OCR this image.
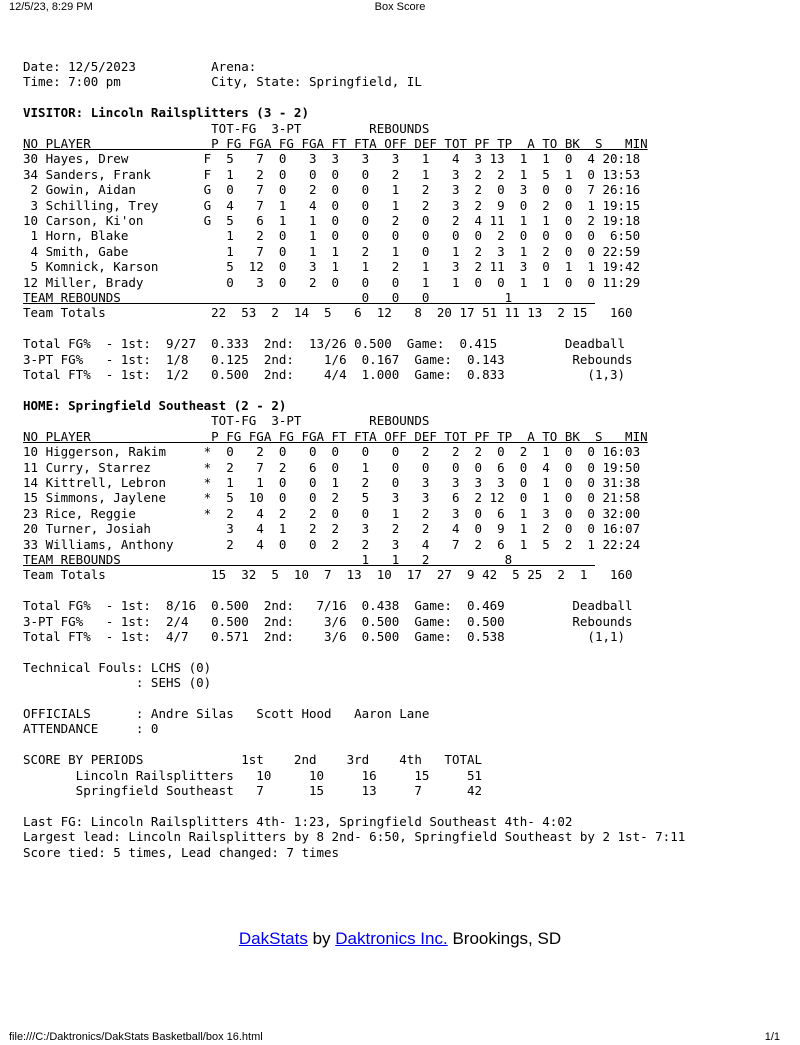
12/5/23, 8:29 PM	Box Score
Date: 12/5/2023          Arena:
Time: 7:00 pm            City, State: Springfield, IL
VISITOR: Lincoln Railsplitters (3 - 2)
TOT-FG  3-PT         REBOUNDS
NO PLAYER                P FG FGA FG FGA FT FTA OFF DEF TOT PF TP  A TO BK  S   MIN
30 Hayes, Drew          F  5   7  0   3  3   3   3   1   4  3 13  1  1  0  4 20:18
34 Sanders, Frank       F  1   2  0   0  0   0   2   1   3  2  2  1  5  1  0 13:53
2 Gowin, Aidan         G  0   7  0   2  0   0   1   2   3  2  0  3  0  0  7 26:16
3 Schilling, Trey      G  4   7  1   4  0   0   1   2   3  2  9  0  2  0  1 19:15
10 Carson, Ki'on        G  5   6  1   1  0   0   2   0   2  4 11  1  1  0  2 19:18
1 Horn, Blake             1   2  0   1  0   0   0   0   0  0  2  0  0  0  0  6:50
4 Smith, Gabe             1   7  0   1  1   2   1   0   1  2  3  1  2  0  0 22:59
5 Komnick, Karson         5  12  0   3  1   1   2   1   3  2 11  3  0  1  1 19:42
12 Miller, Brady           0   3  0   2  0   0   0   1   1  0  0  1  1  0  0 11:29
TEAM REBOUNDS                                0   0   0          1
Team Totals              22  53  2  14  5   6  12   8  20 17 51 11 13  2 15   160
Total FG%  - 1st:  9/27  0.333  2nd:  13/26 0.500  Game:  0.415         Deadball
3-PT FG%   - 1st:  1/8   0.125  2nd:    1/6  0.167  Game:  0.143         Rebounds
Total FT%  - 1st:  1/2   0.500  2nd:    4/4  1.000  Game:  0.833           (1,3)
HOME: Springfield Southeast (2 - 2)
TOT-FG  3-PT         REBOUNDS
NO PLAYER                P FG FGA FG FGA FT FTA OFF DEF TOT PF TP  A TO BK  S   MIN
10 Higgerson, Rakim     *  0   2  0   0  0   0   0   2   2  2  0  2  1  0  0 16:03
11 Curry, Starrez       *  2   7  2   6  0   1   0   0   0  0  6  0  4  0  0 19:50
14 Kittrell, Lebron     *  1   1  0   0  1   2   0   3   3  3  3  0  1  0  0 31:38
15 Simmons, Jaylene     *  5  10  0   0  2   5   3   3   6  2 12  0  1  0  0 21:58
23 Rice, Reggie         *  2   4  2   2  0   0   1   2   3  0  6  1  3  0  0 32:00
20 Turner, Josiah          3   4  1   2  2   3   2   2   4  0  9  1  2  0  0 16:07
33 Williams, Anthony       2   4  0   0  2   2   3   4   7  2  6  1  5  2  1 22:24
TEAM REBOUNDS                                1   1   2          8
Team Totals              15  32  5  10  7  13  10  17  27  9 42  5 25  2  1   160
Total FG%  - 1st:  8/16  0.500  2nd:   7/16  0.438  Game:  0.469         Deadball
3-PT FG%   - 1st:  2/4   0.500  2nd:    3/6  0.500  Game:  0.500         Rebounds
Total FT%  - 1st:  4/7   0.571  2nd:    3/6  0.500  Game:  0.538           (1,1)
Technical Fouls: LCHS (0)
: SEHS (0)
OFFICIALS      : Andre Silas   Scott Hood   Aaron Lane
ATTENDANCE     : 0
SCORE BY PERIODS             1st    2nd    3rd    4th   TOTAL
Lincoln Railsplitters   10     10     16     15     51
Springfield Southeast   7      15     13     7      42
Last FG: Lincoln Railsplitters 4th- 1:23, Springfield Southeast 4th- 4:02
Largest lead: Lincoln Railsplitters by 8 2nd- 6:50, Springfield Southeast by 2 1st- 7:11
Score tied: 5 times, Lead changed: 7 times
DakStats by Daktronics Inc. Brookings, SD
file:///C:/Daktronics/DakStats Basketball/box 16.html	1/1
